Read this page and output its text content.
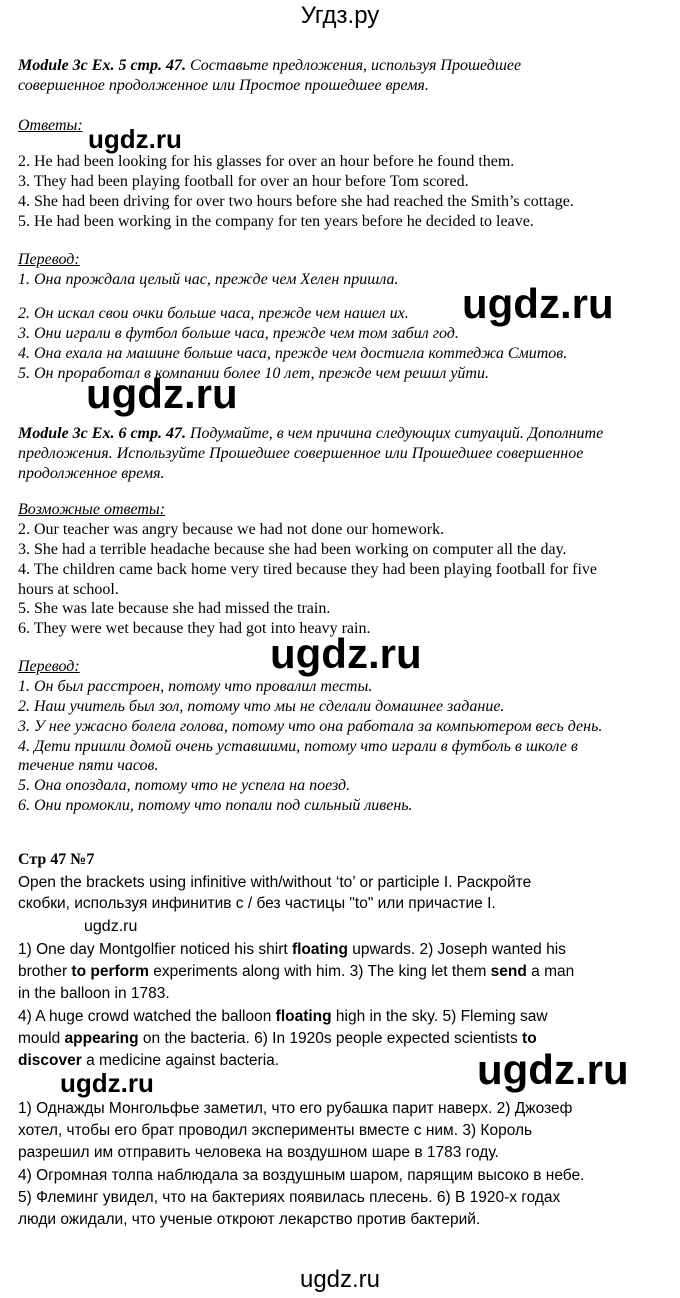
Угдз.ру
Module 3c Ex. 5 стр. 47. Составьте предложения, используя Прошедшее
совершенное продолженное или Простое прошедшее время.
Ответы: ugdz.ru
2. He had been looking for his glasses for over an hour before he found them.
3. They had been playing football for over an hour before Tom scored.
4. She had been driving for over two hours before she had reached the Smith’s cottage.
5. He had been working in the company for ten years before he decided to leave.
Перевод:
1. Она прождала целый час, прежде чем Хелен пришла.
ugdz.ru
2. Он искал свои очки больше часа, прежде чем нашел их.
3. Они играли в футбол больше часа, прежде чем том забил год.
4. Она ехала на машине больше часа, прежде чем достигла коттеджа Смитов.
5. Он проработал в компании более 10 лет, прежде чем решил уйти.
ugdz.ru
Module 3c Ex. 6 стр. 47. Подумайте, в чем причина следующих ситуаций. Дополните
предложения. Используйте Прошедшее совершенное или Прошедшее совершенное
продолженное время.
Возможные ответы:
2. Our teacher was angry because we had not done our homework.
3. She had a terrible headache because she had been working on computer all the day.
4. The children came back home very tired because they had been playing football for five
hours at school.
5. She was late because she had missed the train.
6. They were wet because they had got into heavy rain.
ugdz.ru
Перевод:
1. Он был расстроен, потому что провалил тесты.
2. Наш учитель был зол, потому что мы не сделали домашнее задание.
3. У нее ужасно болела голова, потому что она работала за компьютером весь день.
4. Дети пришли домой очень уставшими, потому что играли в футболь в школе в
течение пяти часов.
5. Она опоздала, потому что не успела на поезд.
6. Они промокли, потому что попали под сильный ливень.
Стр 47 №7
Open the brackets using infinitive with/without ‘to’ or participle I. Раскройте
скобки, используя инфинитив с / без частицы "to" или причастие I.
ugdz.ru
1) One day Montgolfier noticed his shirt floating upwards. 2) Joseph wanted his
brother to perform experiments along with him. 3) The king let them send a man
in the balloon in 1783.
4) A huge crowd watched the balloon floating high in the sky. 5) Fleming saw
mould appearing on the bacteria. 6) In 1920s people expected scientists to
discover a medicine against bacteria.	ugdz.ru
ugdz.ru
1) Однажды Монгольфье заметил, что его рубашка парит наверх. 2) Джозеф
хотел, чтобы его брат проводил эксперименты вместе с ним. 3) Король
разрешил им отправить человека на воздушном шаре в 1783 году.
4) Огромная толпа наблюдала за воздушным шаром, парящим высоко в небе.
5) Флеминг увидел, что на бактериях появилась плесень. 6) В 1920-х годах
люди ожидали, что ученые откроют лекарство против бактерий.
ugdz.ru
